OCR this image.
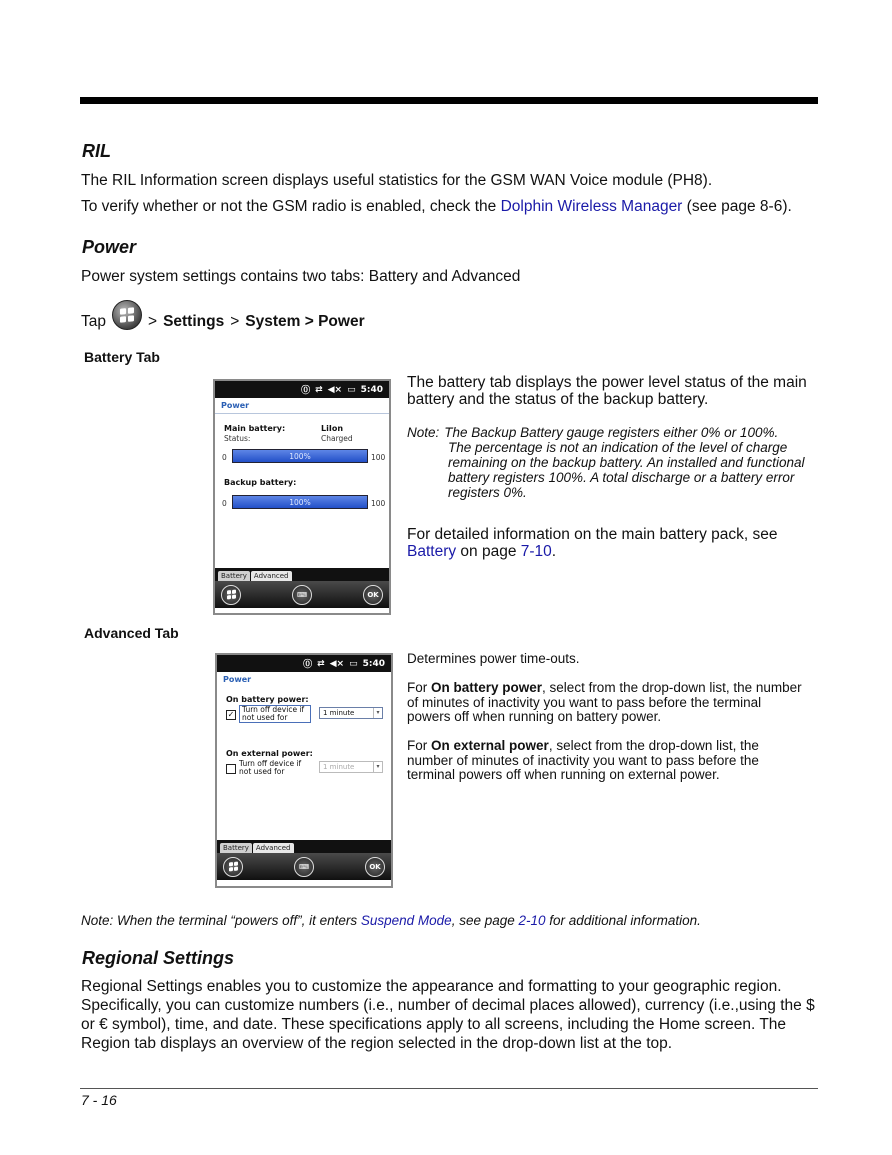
RIL
The RIL Information screen displays useful statistics for the GSM WAN Voice module (PH8).
To verify whether or not the GSM radio is enabled, check the Dolphin Wireless Manager (see page 8-6).
Power
Power system settings contains two tabs: Battery and Advanced
Tap	> Settings > System > Power
Battery Tab
⓪ ⇄ ◀× ▭ 5:40
Power
Main battery:	LiIon
Status:	Charged
0	100%	100
Backup battery:
0	100%	100
Battery	Advanced
⌨	OK
The battery tab displays the power level status of the main battery and the status of the backup battery.
Note: The Backup Battery gauge registers either 0% or 100%.
The percentage is not an indication of the level of charge remaining on the backup battery. An installed and functional battery registers 100%. A total discharge or a battery error registers 0%.
For detailed information on the main battery pack, see Battery on page 7-10.
Advanced Tab
⓪ ⇄ ◀× ▭ 5:40
Power
On battery power:
✓
Turn off device if not used for	1 minute	▾
On external power:
Turn off device if not used for	1 minute	▾
Battery	Advanced
⌨	OK
Determines power time-outs.
For On battery power, select from the drop-down list, the number of minutes of inactivity you want to pass before the terminal powers off when running on battery power.
For On external power, select from the drop-down list, the number of minutes of inactivity you want to pass before the terminal powers off when running on external power.
Note: When the terminal “powers off”, it enters Suspend Mode, see page 2-10 for additional information.
Regional Settings
Regional Settings enables you to customize the appearance and formatting to your geographic region. Specifically, you can customize numbers (i.e., number of decimal places allowed), currency (i.e.,using the $ or € symbol), time, and date. These specifications apply to all screens, including the Home screen. The Region tab displays an overview of the region selected in the drop-down list at the top.
7 - 16
